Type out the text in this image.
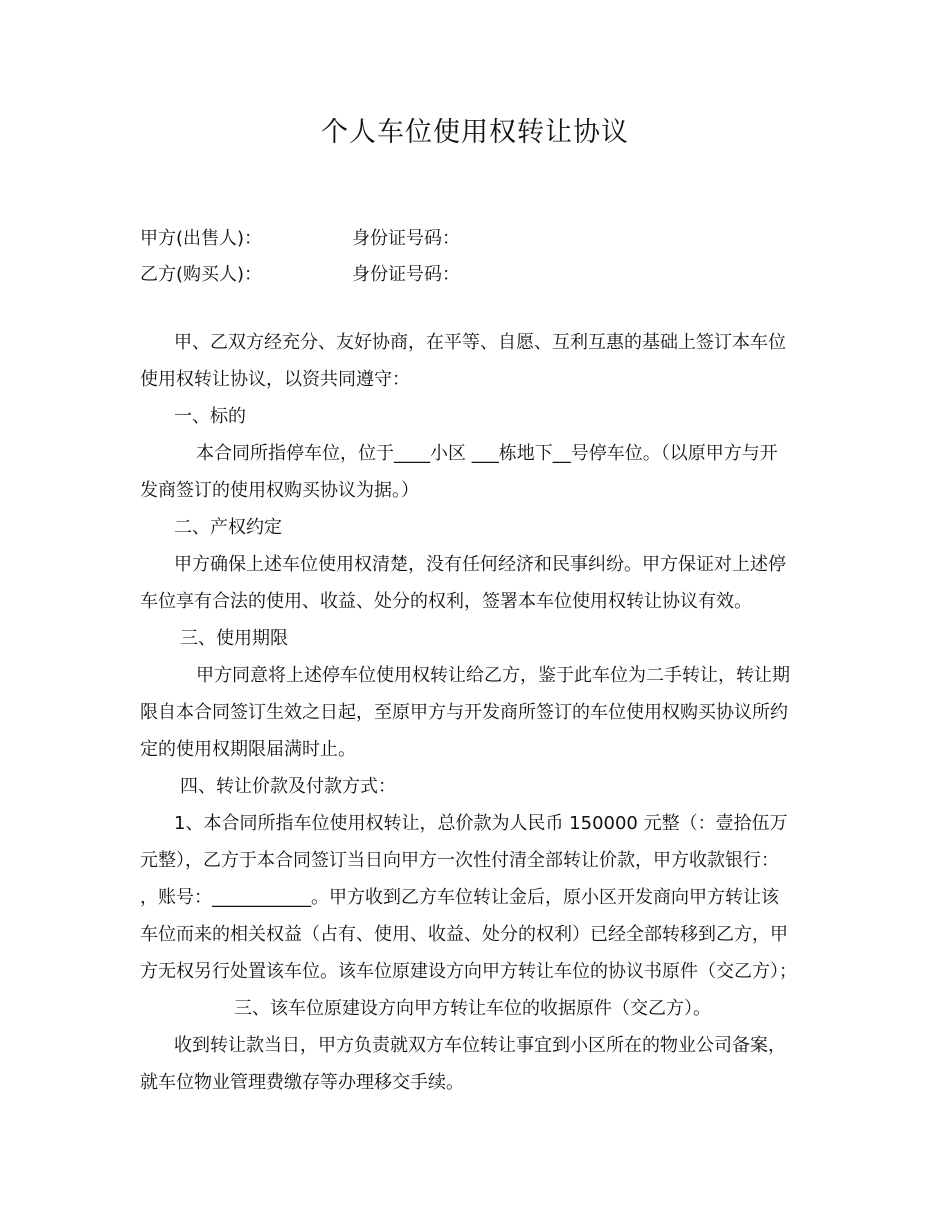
个人车位使用权转让协议
甲方(出售人)：	身份证号码：
乙方(购买人)：	身份证号码：
甲、乙双方经充分、友好协商，在平等、自愿、互利互惠的基础上签订本车位
使用权转让协议，以资共同遵守：
一、标的
本合同所指停车位，位于____小区 ___栋地下__号停车位。（以原甲方与开
发商签订的使用权购买协议为据。）
二、产权约定
甲方确保上述车位使用权清楚，没有任何经济和民事纠纷。甲方保证对上述停
车位享有合法的使用、收益、处分的权利，签署本车位使用权转让协议有效。
三、使用期限
甲方同意将上述停车位使用权转让给乙方，鉴于此车位为二手转让，转让期
限自本合同签订生效之日起，至原甲方与开发商所签订的车位使用权购买协议所约
定的使用权期限届满时止。
四、转让价款及付款方式：
1、本合同所指车位使用权转让，总价款为人民币 150000 元整（：壹拾伍万
元整），乙方于本合同签订当日向甲方一次性付清全部转让价款，甲方收款银行：
，账号：___________。甲方收到乙方车位转让金后，原小区开发商向甲方转让该
车位而来的相关权益（占有、使用、收益、处分的权利）已经全部转移到乙方，甲
方无权另行处置该车位。该车位原建设方向甲方转让车位的协议书原件（交乙方）；
三、该车位原建设方向甲方转让车位的收据原件（交乙方）。
收到转让款当日，甲方负责就双方车位转让事宜到小区所在的物业公司备案，
就车位物业管理费缴存等办理移交手续。
